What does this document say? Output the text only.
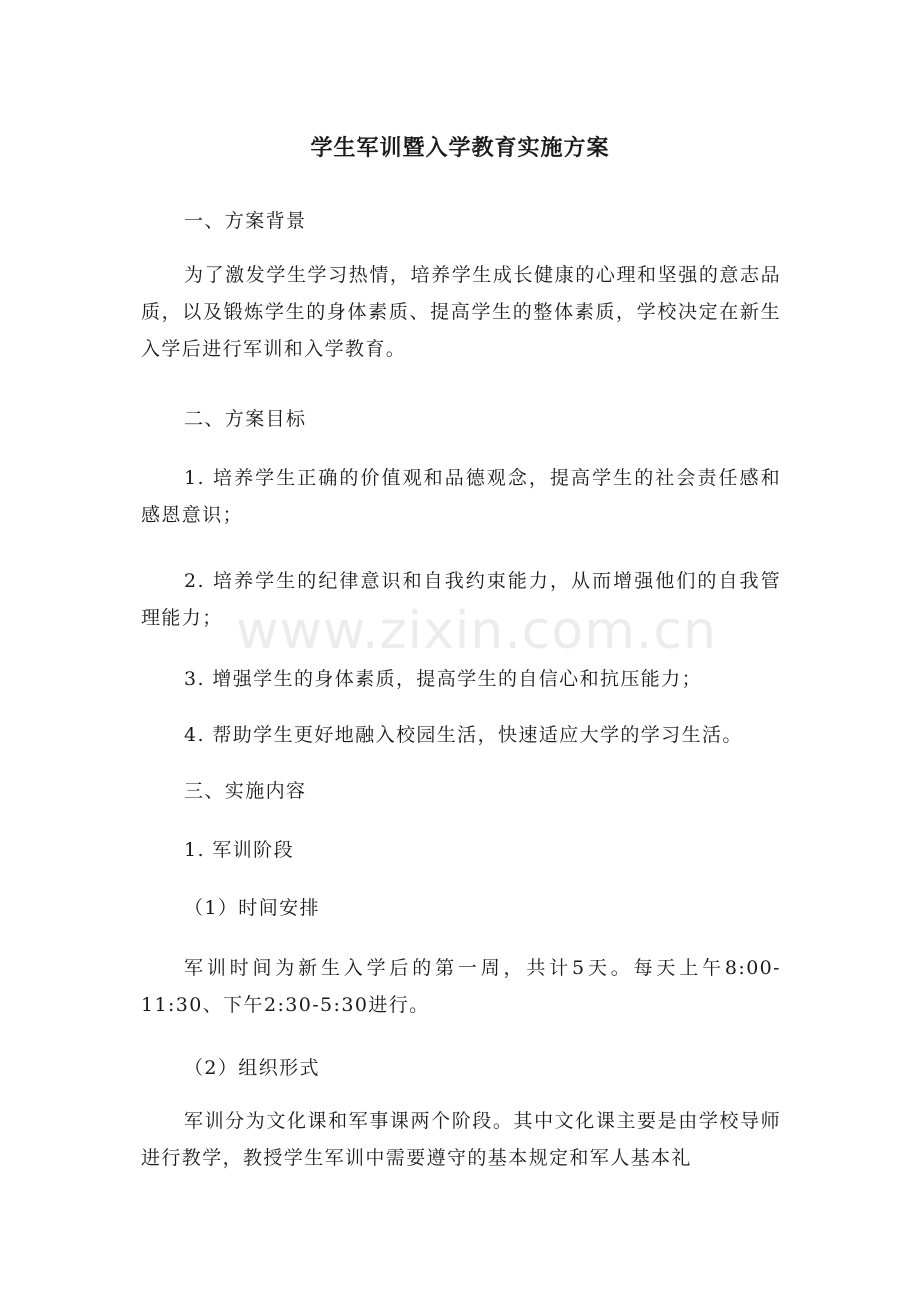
学生军训暨入学教育实施方案

一、方案背景

为了激发学生学习热情，培养学生成长健康的心理和坚强的意志品质，以及锻炼学生的身体素质、提高学生的整体素质，学校决定在新生入学后进行军训和入学教育。

二、方案目标

1. 培养学生正确的价值观和品德观念，提高学生的社会责任感和感恩意识；

2. 培养学生的纪律意识和自我约束能力，从而增强他们的自我管理能力；

3. 增强学生的身体素质，提高学生的自信心和抗压能力；

4. 帮助学生更好地融入校园生活，快速适应大学的学习生活。

三、实施内容

1. 军训阶段

（1）时间安排

军训时间为新生入学后的第一周，共计5天。每天上午8:00-11:30、下午2:30-5:30进行。

（2）组织形式

军训分为文化课和军事课两个阶段。其中文化课主要是由学校导师进行教学，教授学生军训中需要遵守的基本规定和军人基本礼

www.zixin.com.cn
